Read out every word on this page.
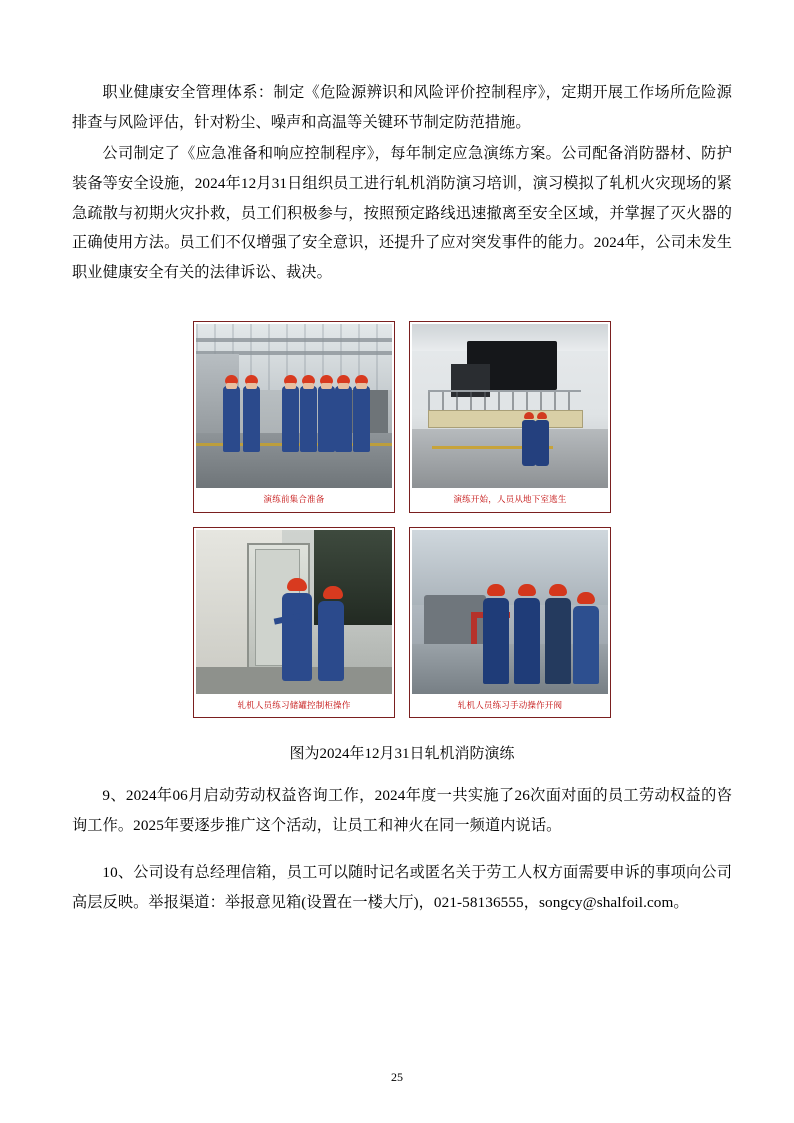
职业健康安全管理体系：制定《危险源辨识和风险评价控制程序》，定期开展工作场所危险源排查与风险评估，针对粉尘、噪声和高温等关键环节制定防范措施。

公司制定了《应急准备和响应控制程序》，每年制定应急演练方案。公司配备消防器材、防护装备等安全设施，2024年12月31日组织员工进行轧机消防演习培训，演习模拟了轧机火灾现场的紧急疏散与初期火灾扑救，员工们积极参与，按照预定路线迅速撤离至安全区域，并掌握了灭火器的正确使用方法。员工们不仅增强了安全意识，还提升了应对突发事件的能力。2024年，公司未发生职业健康安全有关的法律诉讼、裁决。

演练前集合准备	演练开始，人员从地下室逃生
轧机人员练习储罐控制柜操作	轧机人员练习手动操作开阀
图为2024年12月31日轧机消防演练

9、2024年06月启动劳动权益咨询工作，2024年度一共实施了26次面对面的员工劳动权益的咨询工作。2025年要逐步推广这个活动，让员工和神火在同一频道内说话。

10、公司设有总经理信箱，员工可以随时记名或匿名关于劳工人权方面需要申诉的事项向公司高层反映。举报渠道：举报意见箱(设置在一楼大厅)，021-58136555，songcy@shalfoil.com。

25
